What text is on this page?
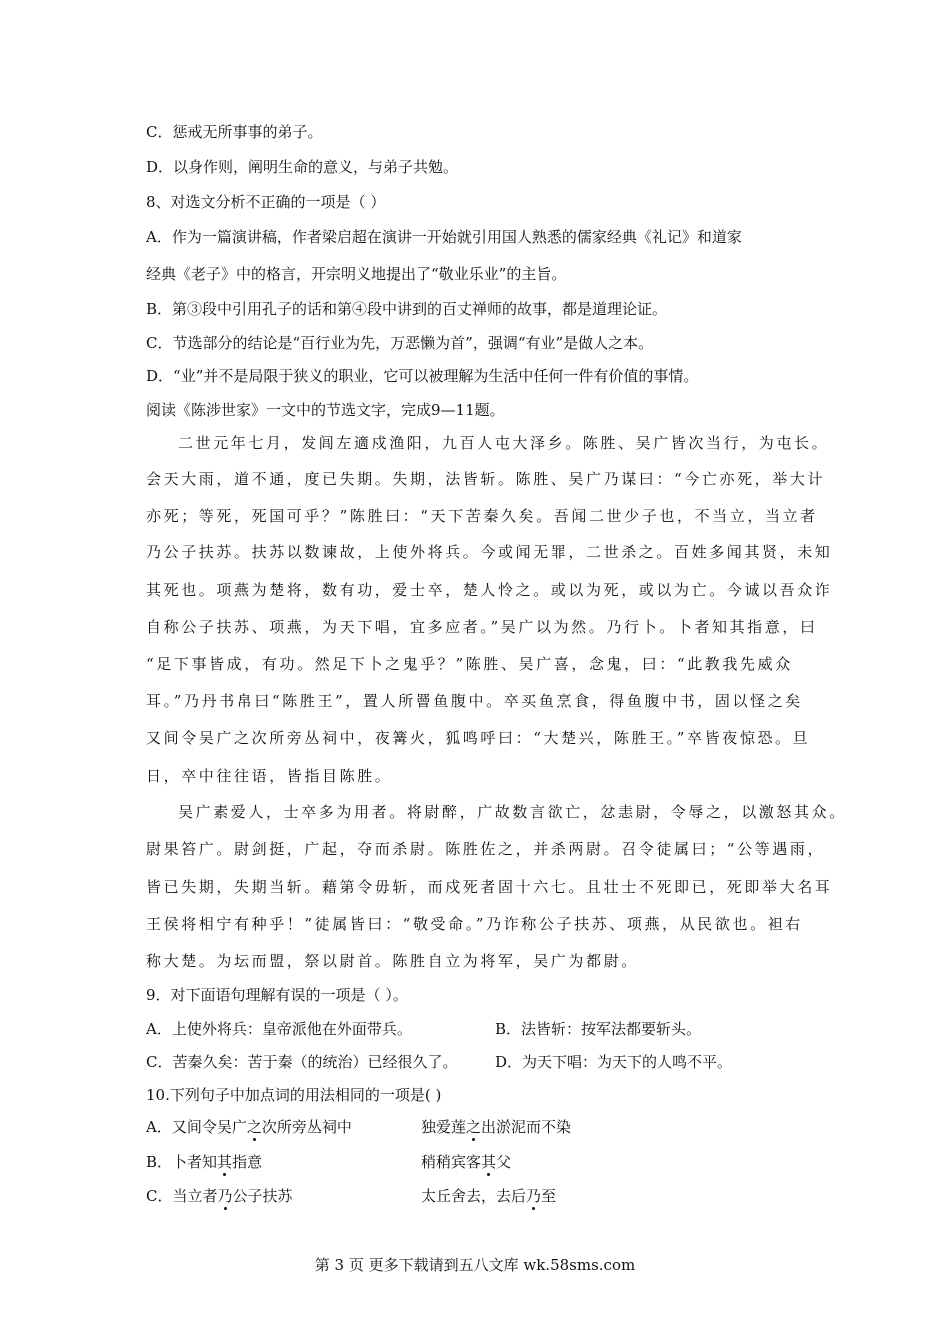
C．惩戒无所事事的弟子。
D．以身作则，阐明生命的意义，与弟子共勉。
8、对选文分析不正确的一项是（ ）
A．作为一篇演讲稿，作者梁启超在演讲一开始就引用国人熟悉的儒家经典《礼记》和道家
经典《老子》中的格言，开宗明义地提出了“敬业乐业”的主旨。
B．第③段中引用孔子的话和第④段中讲到的百丈禅师的故事，都是道理论证。
C．节选部分的结论是“百行业为先，万恶懒为首”，强调“有业”是做人之本。
D．“业”并不是局限于狭义的职业，它可以被理解为生活中任何一件有价值的事情。
阅读《陈涉世家》一文中的节选文字，完成9—11题。
二世元年七月，发闾左適戍渔阳，九百人屯大泽乡。陈胜、吴广皆次当行，为屯长。
会天大雨，道不通，度已失期。失期，法皆斩。陈胜、吴广乃谋曰：“今亡亦死，举大计
亦死；等死，死国可乎？”陈胜曰：“天下苦秦久矣。吾闻二世少子也，不当立，当立者
乃公子扶苏。扶苏以数谏故，上使外将兵。今或闻无罪，二世杀之。百姓多闻其贤，未知
其死也。项燕为楚将，数有功，爱士卒，楚人怜之。或以为死，或以为亡。今诚以吾众诈
自称公子扶苏、项燕，为天下唱，宜多应者。”吴广以为然。乃行卜。卜者知其指意，曰
“足下事皆成，有功。然足下卜之鬼乎？”陈胜、吴广喜，念鬼，曰：“此教我先威众
耳。”乃丹书帛曰“陈胜王”，置人所罾鱼腹中。卒买鱼烹食，得鱼腹中书，固以怪之矣
又间令吴广之次所旁丛祠中，夜篝火，狐鸣呼曰：“大楚兴，陈胜王。”卒皆夜惊恐。旦
日，卒中往往语，皆指目陈胜。
吴广素爱人，士卒多为用者。将尉醉，广故数言欲亡，忿恚尉，令辱之，以激怒其众。
尉果笞广。尉剑挺，广起，夺而杀尉。陈胜佐之，并杀两尉。召令徒属曰；“公等遇雨，
皆已失期，失期当斩。藉第令毋斩，而戍死者固十六七。且壮士不死即已，死即举大名耳
王侯将相宁有种乎！”徒属皆曰：“敬受命。”乃诈称公子扶苏、项燕，从民欲也。袒右
称大楚。为坛而盟，祭以尉首。陈胜自立为将军，吴广为都尉。
9．对下面语句理解有误的一项是（ ）。
A．上使外将兵：皇帝派他在外面带兵。	B．法皆斩：按军法都要斩头。
C．苦秦久矣：苦于秦（的统治）已经很久了。	D．为天下唱：为天下的人鸣不平。
10.下列句子中加点词的用法相同的一项是( )
A．又间令吴广之次所旁丛祠中	独爱莲之出淤泥而不染
B．卜者知其指意	稍稍宾客其父
C．当立者乃公子扶苏	太丘舍去，去后乃至
第 3 页 更多下载请到五八文库 wk.58sms.com
